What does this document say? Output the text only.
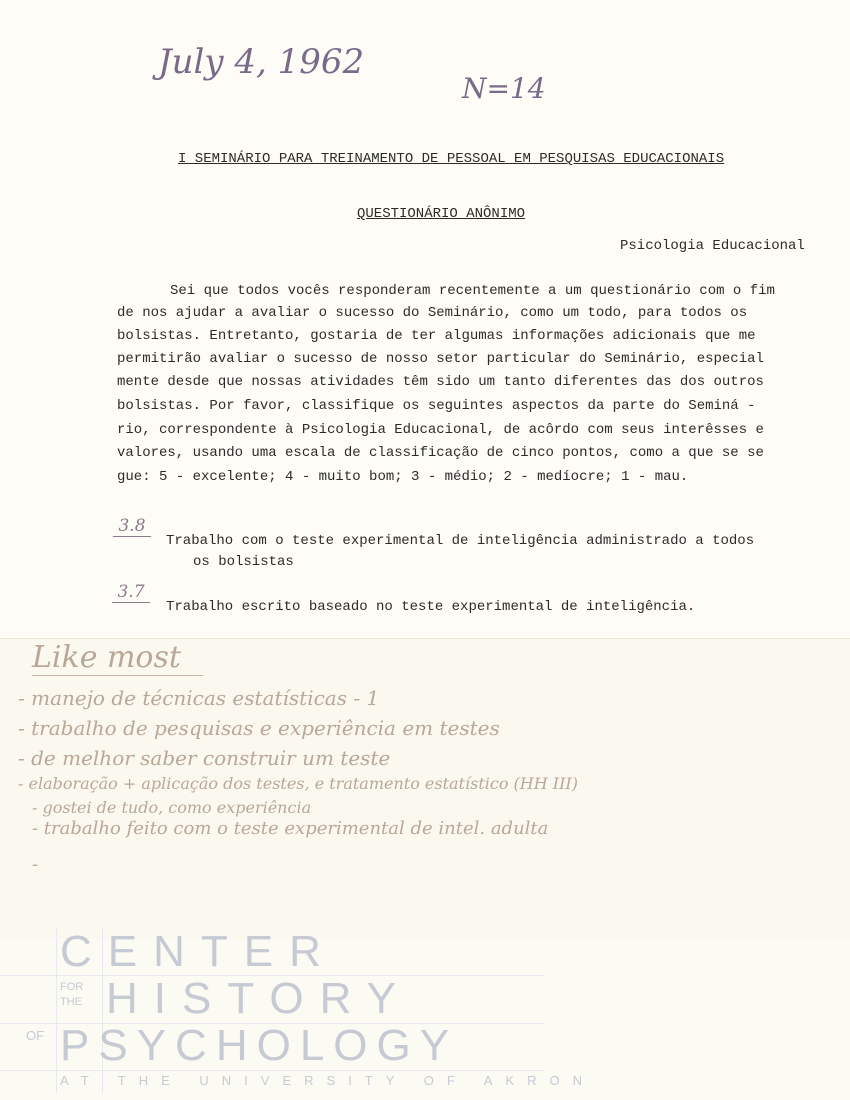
July 4, 1962
N=14
I SEMINÁRIO PARA TREINAMENTO DE PESSOAL EM PESQUISAS EDUCACIONAIS
QUESTIONÁRIO ANÔNIMO
Psicologia Educacional
Sei que todos vocês responderam recentemente a um questionário com o fim
de nos ajudar a avaliar o sucesso do Seminário, como um todo, para todos os
bolsistas. Entretanto, gostaria de ter algumas informações adicionais que me
permitirão avaliar o sucesso de nosso setor particular do Seminário, especial
mente desde que nossas atividades têm sido um tanto diferentes das dos outros
bolsistas. Por favor, classifique os seguintes aspectos da parte do Seminá -
rio, correspondente à Psicologia Educacional, de acôrdo com seus interêsses e
valores, usando uma escala de classificação de cinco pontos, como a que se se
gue: 5 - excelente; 4 - muito bom; 3 - médio; 2 - medíocre; 1 - mau.
3.8
Trabalho com o teste experimental de inteligência administrado a todos
os bolsistas
3.7
Trabalho escrito baseado no teste experimental de inteligência.
Like most
- manejo de técnicas estatísticas - 1
- trabalho de pesquisas e experiência em testes
- de melhor saber construir um teste
- elaboração + aplicação dos testes, e tratamento estatístico (HH III)
- gostei de tudo, como experiência
- trabalho feito com o teste experimental de intel. adulta
-
CENTER
FOR
THE HISTORY
OF PSYCHOLOGY
AT THE UNIVERSITY OF AKRON
